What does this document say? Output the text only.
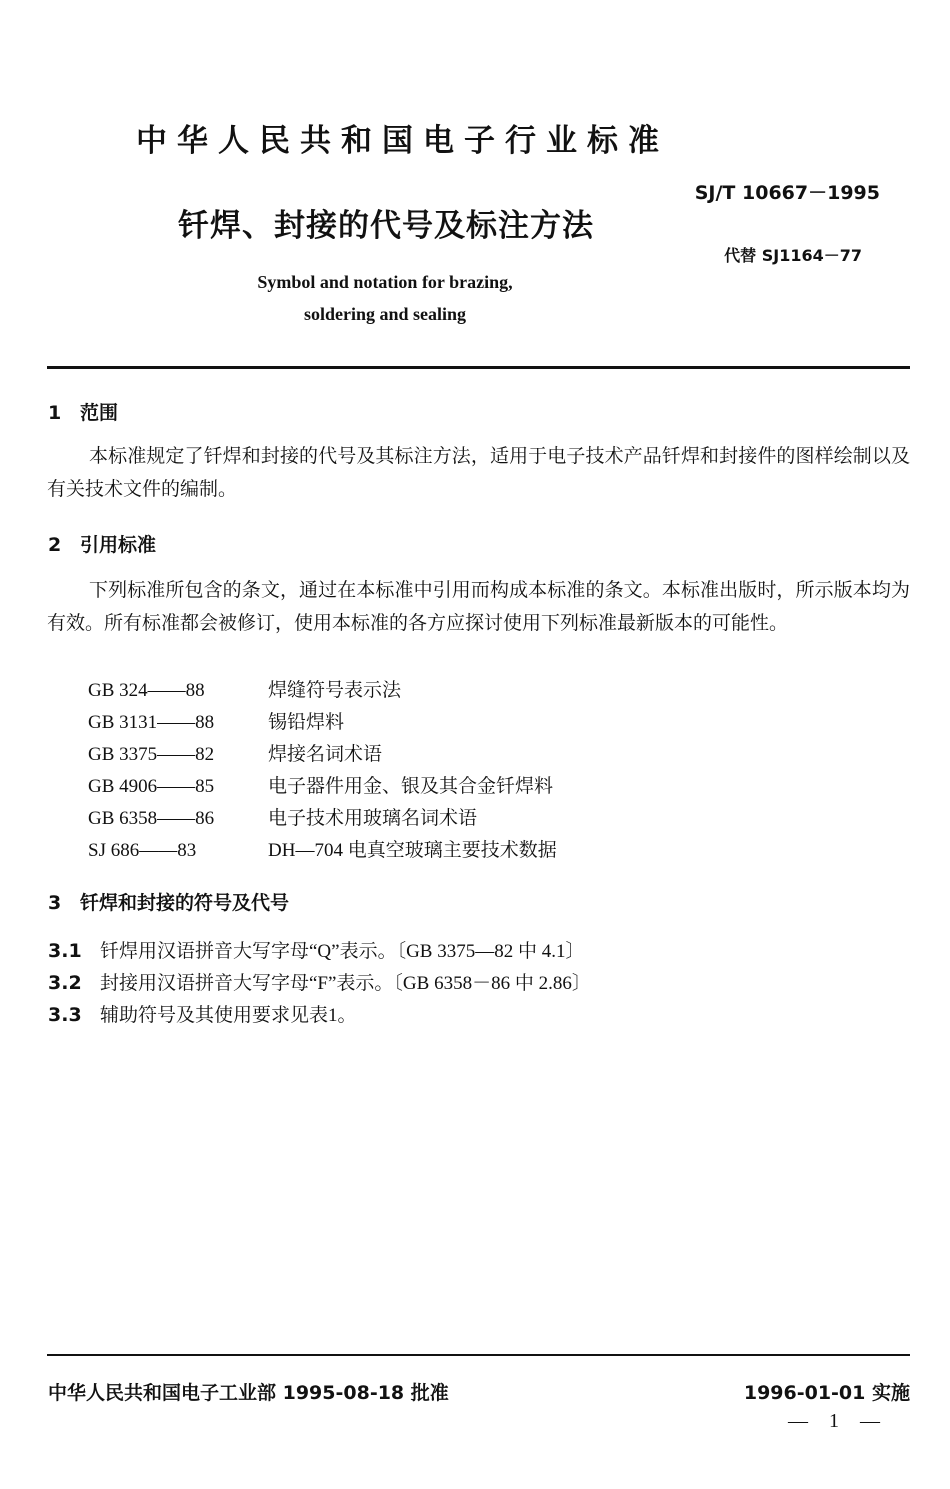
中华人民共和国电子行业标准
SJ/T 10667－1995
钎焊、封接的代号及标注方法
代替 SJ1164－77
Symbol and notation for brazing,
soldering and sealing
1 范围
本标准规定了钎焊和封接的代号及其标注方法，适用于电子技术产品钎焊和封接件的图样绘制以及有关技术文件的编制。
2 引用标准
下列标准所包含的条文，通过在本标准中引用而构成本标准的条文。本标准出版时，所示版本均为有效。所有标准都会被修订，使用本标准的各方应探讨使用下列标准最新版本的可能性。
GB 324——88	焊缝符号表示法
GB 3131——88	锡铅焊料
GB 3375——82	焊接名词术语
GB 4906——85	电子器件用金、银及其合金钎焊料
GB 6358——86	电子技术用玻璃名词术语
SJ 686——83	DH—704 电真空玻璃主要技术数据
3 钎焊和封接的符号及代号
3.1 钎焊用汉语拼音大写字母“Q”表示。〔GB 3375—82 中 4.1〕
3.2 封接用汉语拼音大写字母“F”表示。〔GB 6358－86 中 2.86〕
3.3 辅助符号及其使用要求见表1。
中华人民共和国电子工业部 1995-08-18 批准	1996-01-01 实施
— 1 —
